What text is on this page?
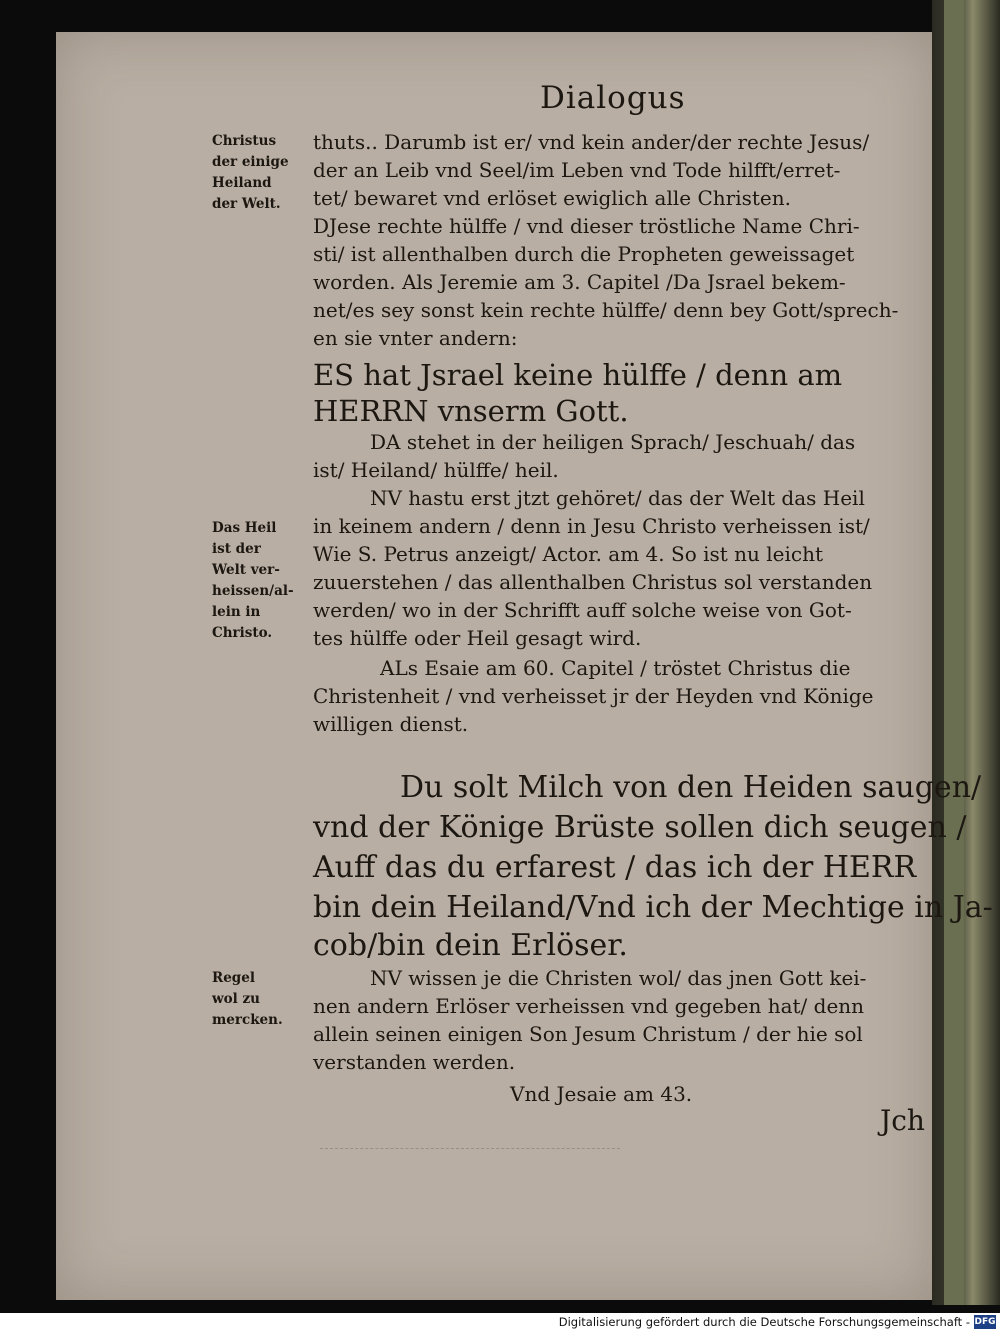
Dialogus
Christus
der einige
Heiland
der Welt.
Das Heil
ist der
Welt ver-
heissen/al-
lein in
Christo.
Regel
wol zu
mercken.
thuts.. Darumb ist er/ vnd kein ander/der rechte Jesus/
der an Leib vnd Seel/im Leben vnd Tode hilfft/erret-
tet/ bewaret vnd erlöset ewiglich alle Christen.
DJese rechte hülffe / vnd dieser tröstliche Name Chri-
sti/ ist allenthalben durch die Propheten geweissaget
worden. Als Jeremie am 3. Capitel /Da Jsrael bekem-
net/es sey sonst kein rechte hülffe/ denn bey Gott/sprech-
en sie vnter andern:
ES hat Jsrael keine hülffe / denn am
HERRN vnserm Gott.
DA stehet in der heiligen Sprach/ Jeschuah/ das
ist/ Heiland/ hülffe/ heil.
NV hastu erst jtzt gehöret/ das der Welt das Heil
in keinem andern / denn in Jesu Christo verheissen ist/
Wie S. Petrus anzeigt/ Actor. am 4. So ist nu leicht
zuuerstehen / das allenthalben Christus sol verstanden
werden/ wo in der Schrifft auff solche weise von Got-
tes hülffe oder Heil gesagt wird.
ALs Esaie am 60. Capitel / tröstet Christus die
Christenheit / vnd verheisset jr der Heyden vnd Könige
willigen dienst.
Du solt Milch von den Heiden saugen/
vnd der Könige Brüste sollen dich seugen /
Auff das du erfarest / das ich der HERR
bin dein Heiland/Vnd ich der Mechtige in Ja-
cob/bin dein Erlöser.
NV wissen je die Christen wol/ das jnen Gott kei-
nen andern Erlöser verheissen vnd gegeben hat/ denn
allein seinen einigen Son Jesum Christum / der hie sol
verstanden werden.
Vnd Jesaie am 43.
Jch
Digitalisierung gefördert durch die Deutsche Forschungsgemeinschaft - DFG
